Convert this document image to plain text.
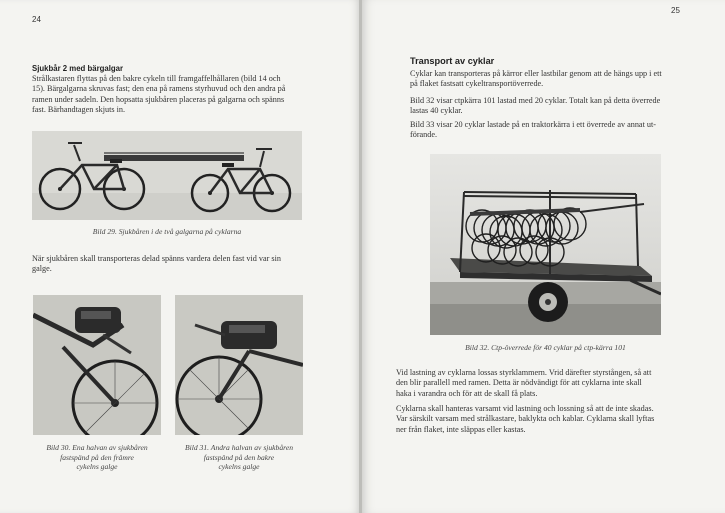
24
Sjukbår 2 med bärgalgar
Strålkastaren flyttas på den bakre cykeln till framgaffelhållaren (bild 14 och
15). Bärgalgarna skruvas fast; den ena på ramens styrhuvud och den andra på
ramen under sadeln. Den hopsatta sjukbåren placeras på galgarna och spänns
fast. Bärhandtagen skjuts in.

Bild 29. Sjukbåren i de två galgarna på cyklarna

När sjukbåren skall transporteras delad spänns vardera delen fast vid var sin
galge.
Bild 30. Ena halvan av sjukbåren
fastspänd på den främre
cykelns galge
Bild 31. Andra halvan av sjukbåren
fastspänd på den bakre
cykelns galge
25
Transport av cyklar
Cyklar kan transporteras på kärror eller lastbilar genom att de hängs upp i ett
på flaket fastsatt cykeltransportöverrede.
Bild 32 visar ctpkärra 101 lastad med 20 cyklar. Totalt kan på detta överrede
lastas 40 cyklar.
Bild 33 visar 20 cyklar lastade på en traktorkärra i ett överrede av annat ut-
förande.

Bild 32. Ctp-överrede för 40 cyklar på ctp-kärra 101

Vid lastning av cyklarna lossas styrklammern. Vrid därefter styrstången, så att
den blir parallell med ramen. Detta är nödvändigt för att cyklarna inte skall
haka i varandra och för att de skall få plats.
Cyklarna skall hanteras varsamt vid lastning och lossning så att de inte skadas.
Var särskilt varsam med strålkastare, baklykta och kablar. Cyklarna skall lyftas
ner från flaket, inte släppas eller kastas.
